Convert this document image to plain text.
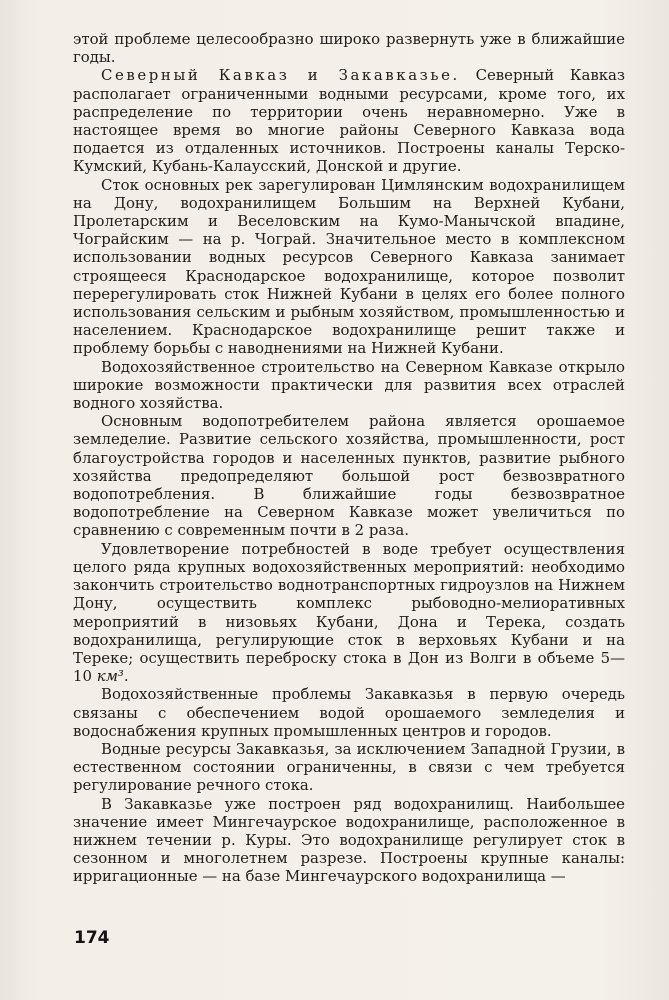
этой проблеме целесообразно широко развернуть уже в ближайшие годы.

Северный Кавказ и Закавказье. Северный Кавказ располагает ограниченными водными ресурсами, кроме того, их распределение по территории очень неравномерно. Уже в настоящее время во многие районы Северного Кавказа вода подается из отдаленных источников. Построены каналы Терско-Кумский, Кубань-Калаусский, Донской и другие.

Сток основных рек зарегулирован Цимлянским водохранилищем на Дону, водохранилищем Большим на Верхней Кубани, Пролетарским и Веселовским на Кумо-Манычской впадине, Чограйским — на р. Чограй. Значительное место в комплексном использовании водных ресурсов Северного Кавказа занимает строящееся Краснодарское водохранилище, которое позволит перерегулировать сток Нижней Кубани в целях его более полного использования сельским и рыбным хозяйством, промышленностью и населением. Краснодарское водохранилище решит также и проблему борьбы с наводнениями на Нижней Кубани.

Водохозяйственное строительство на Северном Кавказе открыло широкие возможности практически для развития всех отраслей водного хозяйства.

Основным водопотребителем района является орошаемое земледелие. Развитие сельского хозяйства, промышленности, рост благоустройства городов и населенных пунктов, развитие рыбного хозяйства предопределяют большой рост безвозвратного водопотребления. В ближайшие годы безвозвратное водопотребление на Северном Кавказе может увеличиться по сравнению с современным почти в 2 раза.

Удовлетворение потребностей в воде требует осуществления целого ряда крупных водохозяйственных мероприятий: необходимо закончить строительство воднотранспортных гидроузлов на Нижнем Дону, осуществить комплекс рыбоводно-мелиоративных мероприятий в низовьях Кубани, Дона и Терека, создать водохранилища, регулирующие сток в верховьях Кубани и на Тереке; осуществить переброску стока в Дон из Волги в объеме 5—10 км³.

Водохозяйственные проблемы Закавказья в первую очередь связаны с обеспечением водой орошаемого земледелия и водоснабжения крупных промышленных центров и городов.

Водные ресурсы Закавказья, за исключением Западной Грузии, в естественном состоянии ограниченны, в связи с чем требуется регулирование речного стока.

В Закавказье уже построен ряд водохранилищ. Наибольшее значение имеет Мингечаурское водохранилище, расположенное в нижнем течении р. Куры. Это водохранилище регулирует сток в сезонном и многолетнем разрезе. Построены крупные каналы: ирригационные — на базе Мингечаурского водохранилища —

174
